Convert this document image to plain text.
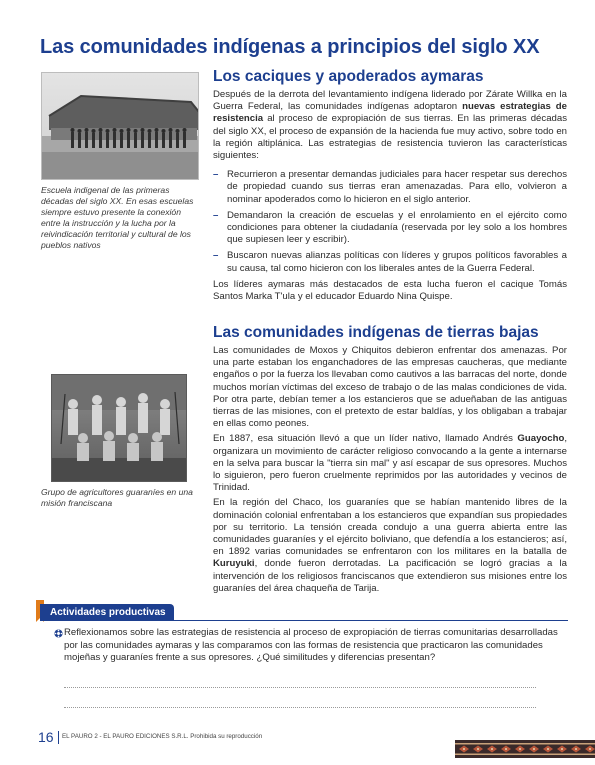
Las comunidades indígenas a principios del siglo XX
Escuela indigenal de las primeras décadas del siglo XX. En esas escuelas siempre estuvo presente la conexión entre la instrucción y la lucha por la reivindicación territorial y cultural de los pueblos nativos
Grupo de agricultores guaraníes en una misión franciscana
Los caciques y apoderados aymaras

Después de la derrota del levantamiento indígena liderado por Zárate Willka en la Guerra Federal, las comunidades indígenas adoptaron nuevas estrategias de resistencia al proceso de expropiación de sus tierras. En las primeras décadas del siglo XX, el proceso de expansión de la hacienda fue muy activo, sobre todo en la región altiplánica. Las estrategias de resistencia tuvieron las características siguientes:

– Recurrieron a presentar demandas judiciales para hacer respetar sus derechos de propiedad cuando sus tierras eran amenazadas. Para ello, volvieron a nominar apoderados como lo hicieron en el siglo anterior.
– Demandaron la creación de escuelas y el enrolamiento en el ejército como condiciones para obtener la ciudadanía (reservada por ley solo a los hombres que supiesen leer y escribir).
– Buscaron nuevas alianzas políticas con líderes y grupos políticos favorables a su causa, tal como hicieron con los liberales antes de la Guerra Federal.

Los líderes aymaras más destacados de esta lucha fueron el cacique Tomás Santos Marka T'ula y el educador Eduardo Nina Quispe.

Las comunidades indígenas de tierras bajas

Las comunidades de Moxos y Chiquitos debieron enfrentar dos amenazas. Por una parte estaban los enganchadores de las empresas caucheras, que mediante engaños o por la fuerza los llevaban como cautivos a las barracas del norte, donde muchos morían víctimas del exceso de trabajo o de las malas condiciones de vida. Por otra parte, debían temer a los estancieros que se adueñaban de las antiguas tierras de las misiones, con el pretexto de estar baldías, y los obligaban a trabajar en ellas como peones.

En 1887, esa situación llevó a que un líder nativo, llamado Andrés Guayocho, organizara un movimiento de carácter religioso convocando a la gente a internarse en la selva para buscar la "tierra sin mal" y así escapar de sus opresores. Muchos lo siguieron, pero fueron cruelmente reprimidos por las autoridades y vecinos de Trinidad.

En la región del Chaco, los guaraníes que se habían mantenido libres de la dominación colonial enfrentaban a los estancieros que expandían sus propiedades por su territorio. La tensión creada condujo a una guerra abierta entre las comunidades guaraníes y el ejército boliviano, que defendía a los estancieros; así, en 1892 varias comunidades se enfrentaron con los militares en la batalla de Kuruyuki, donde fueron derrotadas. La pacificación se logró gracias a la intervención de los religiosos franciscanos que extendieron sus misiones entre los guaraníes del área chaqueña de Tarija.

Actividades productivas
Reflexionamos sobre las estrategias de resistencia al proceso de expropiación de tierras comunitarias desarrolladas por las comunidades aymaras y las comparamos con las formas de resistencia que practicaron las comunidades mojeñas y guaraníes frente a sus opresores. ¿Qué similitudes y diferencias presentan?
16 EL PAURO 2 - EL PAURO EDICIONES S.R.L. Prohibida su reproducción
